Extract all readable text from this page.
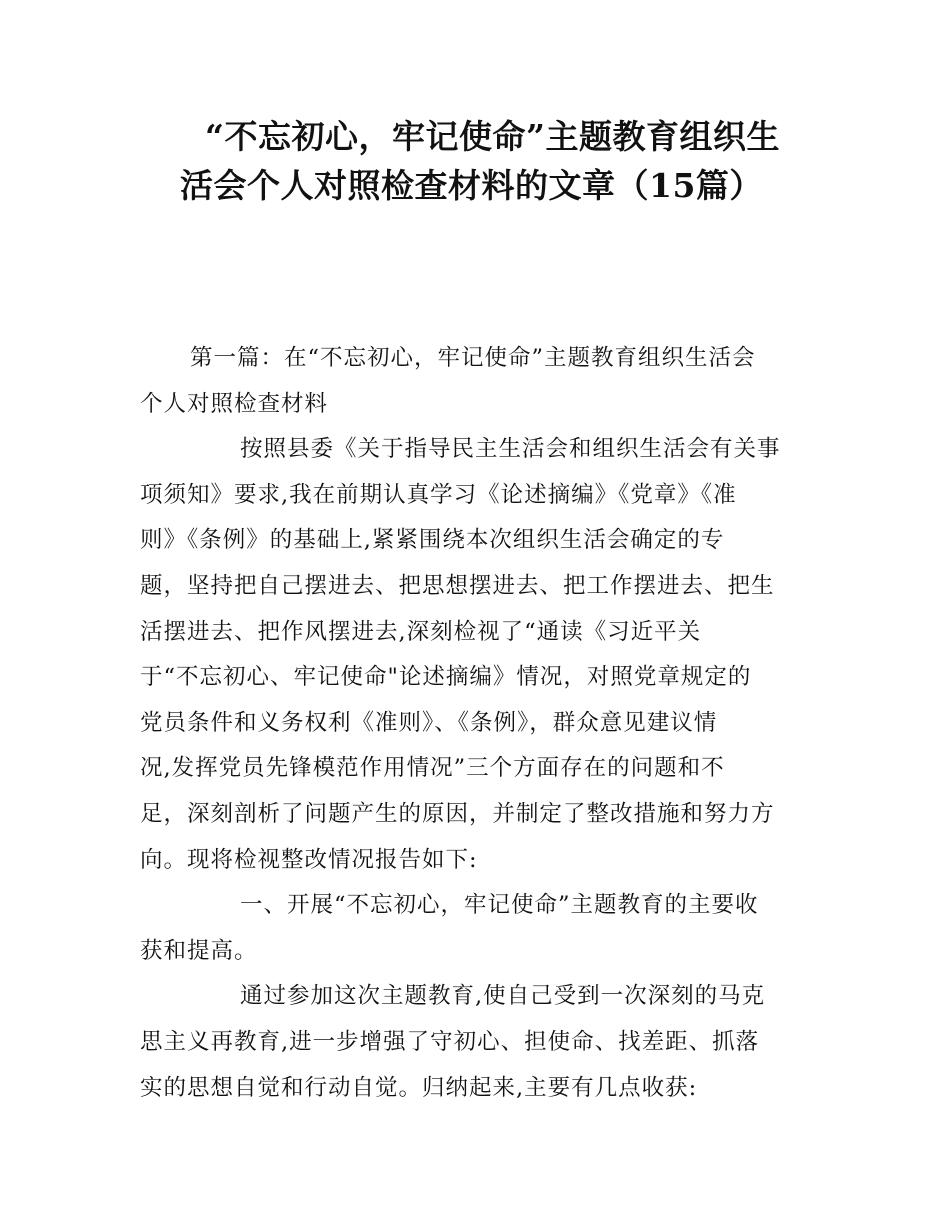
“不忘初心，牢记使命”主题教育组织生
活会个人对照检查材料的文章（15篇）

第一篇：在“不忘初心，牢记使命”主题教育组织生活会
个人对照检查材料

按照县委《关于指导民主生活会和组织生活会有关事
项须知》要求,我在前期认真学习《论述摘编》《党章》《准
则》《条例》的基础上,紧紧围绕本次组织生活会确定的专
题，坚持把自己摆进去、把思想摆进去、把工作摆进去、把生
活摆进去、把作风摆进去,深刻检视了“通读《习近平关
于“不忘初心、牢记使命"论述摘编》情况，对照党章规定的
党员条件和义务权利《准则》、《条例》，群众意见建议情
况,发挥党员先锋模范作用情况”三个方面存在的问题和不
足，深刻剖析了问题产生的原因，并制定了整改措施和努力方
向。现将检视整改情况报告如下:

一、开展“不忘初心，牢记使命”主题教育的主要收
获和提高。

通过参加这次主题教育,使自己受到一次深刻的马克
思主义再教育,进一步增强了守初心、担使命、找差距、抓落
实的思想自觉和行动自觉。归纳起来,主要有几点收获:
